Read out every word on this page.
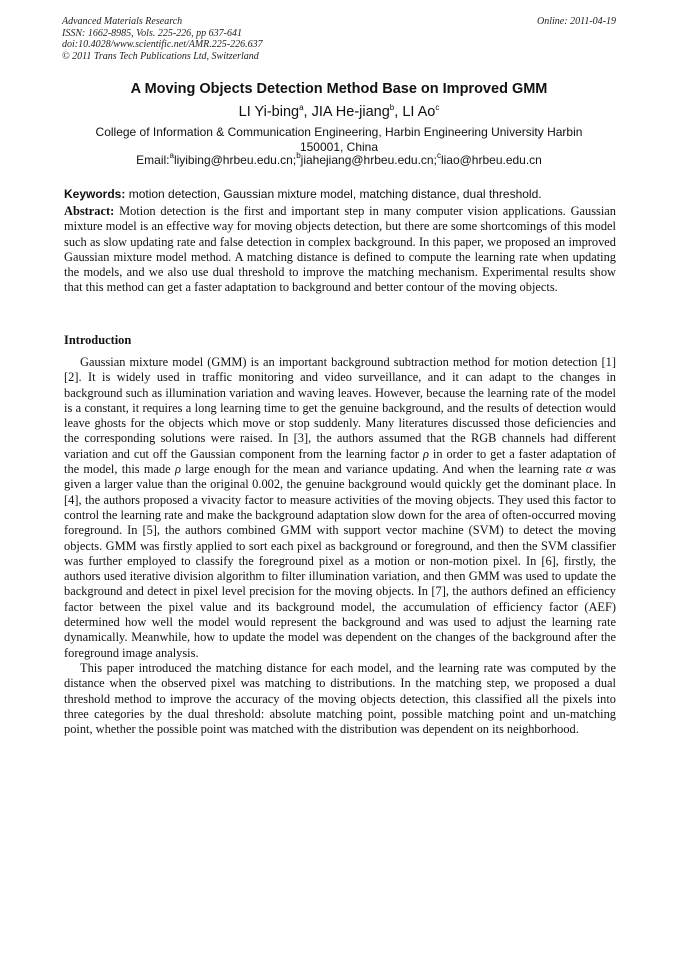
Advanced Materials Research
ISSN: 1662-8985, Vols. 225-226, pp 637-641
doi:10.4028/www.scientific.net/AMR.225-226.637
© 2011 Trans Tech Publications Ltd, Switzerland
Online: 2011-04-19
A Moving Objects Detection Method Base on Improved GMM
LI Yi-bing$^a$, JIA He-jiang$^b$, LI Ao$^c$
College of Information & Communication Engineering, Harbin Engineering University Harbin 150001, China
Email:$^a$liyibing@hrbeu.edu.cn;$^b$jiahejiang@hrbeu.edu.cn;$^c$liao@hrbeu.edu.cn
Keywords: motion detection, Gaussian mixture model, matching distance, dual threshold.
Abstract: Motion detection is the first and important step in many computer vision applications. Gaussian mixture model is an effective way for moving objects detection, but there are some shortcomings of this model such as slow updating rate and false detection in complex background. In this paper, we proposed an improved Gaussian mixture model method. A matching distance is defined to compute the learning rate when updating the models, and we also use dual threshold to improve the matching mechanism. Experimental results show that this method can get a faster adaptation to background and better contour of the moving objects.
Introduction

Gaussian mixture model (GMM) is an important background subtraction method for motion detection [1][2]. It is widely used in traffic monitoring and video surveillance, and it can adapt to the changes in background such as illumination variation and waving leaves. However, because the learning rate of the model is a constant, it requires a long learning time to get the genuine background, and the results of detection would leave ghosts for the objects which move or stop suddenly. Many literatures discussed those deficiencies and the corresponding solutions were raised. In [3], the authors assumed that the RGB channels had different variation and cut off the Gaussian component from the learning factor ρ in order to get a faster adaptation of the model, this made ρ large enough for the mean and variance updating. And when the learning rate α was given a larger value than the original 0.002, the genuine background would quickly get the dominant place. In [4], the authors proposed a vivacity factor to measure activities of the moving objects. They used this factor to control the learning rate and make the background adaptation slow down for the area of often-occurred moving foreground. In [5], the authors combined GMM with support vector machine (SVM) to detect the moving objects. GMM was firstly applied to sort each pixel as background or foreground, and then the SVM classifier was further employed to classify the foreground pixel as a motion or non-motion pixel. In [6], firstly, the authors used iterative division algorithm to filter illumination variation, and then GMM was used to update the background and detect in pixel level precision for the moving objects. In [7], the authors defined an efficiency factor between the pixel value and its background model, the accumulation of efficiency factor (AEF) determined how well the model would represent the background and was used to adjust the learning rate dynamically. Meanwhile, how to update the model was dependent on the changes of the background after the foreground image analysis.

This paper introduced the matching distance for each model, and the learning rate was computed by the distance when the observed pixel was matching to distributions. In the matching step, we proposed a dual threshold method to improve the accuracy of the moving objects detection, this classified all the pixels into three categories by the dual threshold: absolute matching point, possible matching point and un-matching point, whether the possible point was matched with the distribution was dependent on its neighborhood.
